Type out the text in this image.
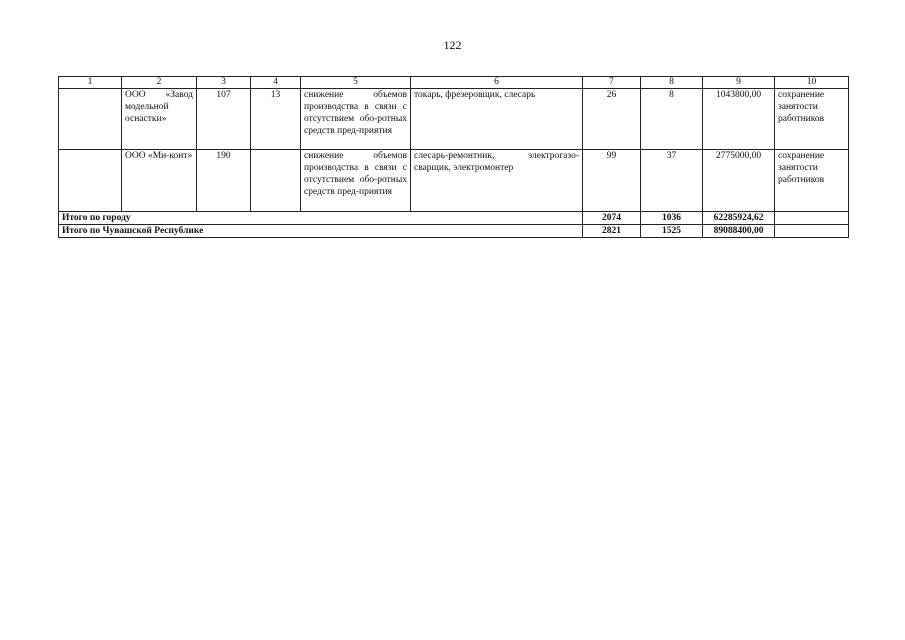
122
1	2	3	4	5	6	7	8	9	10
	ООО «Завод модельной оснастки»	107	13	снижение объемов производства в связи с отсутствием обо-ротных средств пред-приятия	токарь, фрезеровщик, слесарь	26	8	1043800,00	сохранение занятости работников
	ООО «Ми-конт»	190		снижение объемов производства в связи с отсутствием обо-ротных средств пред-приятия	слесарь-ремонтник, электрогазо-сварщик, электромонтер	99	37	2775000,00	сохранение занятости работников
Итого по городу						2074	1036	62285924,62	
Итого по Чувашской Республике						2821	1525	89088400,00	
